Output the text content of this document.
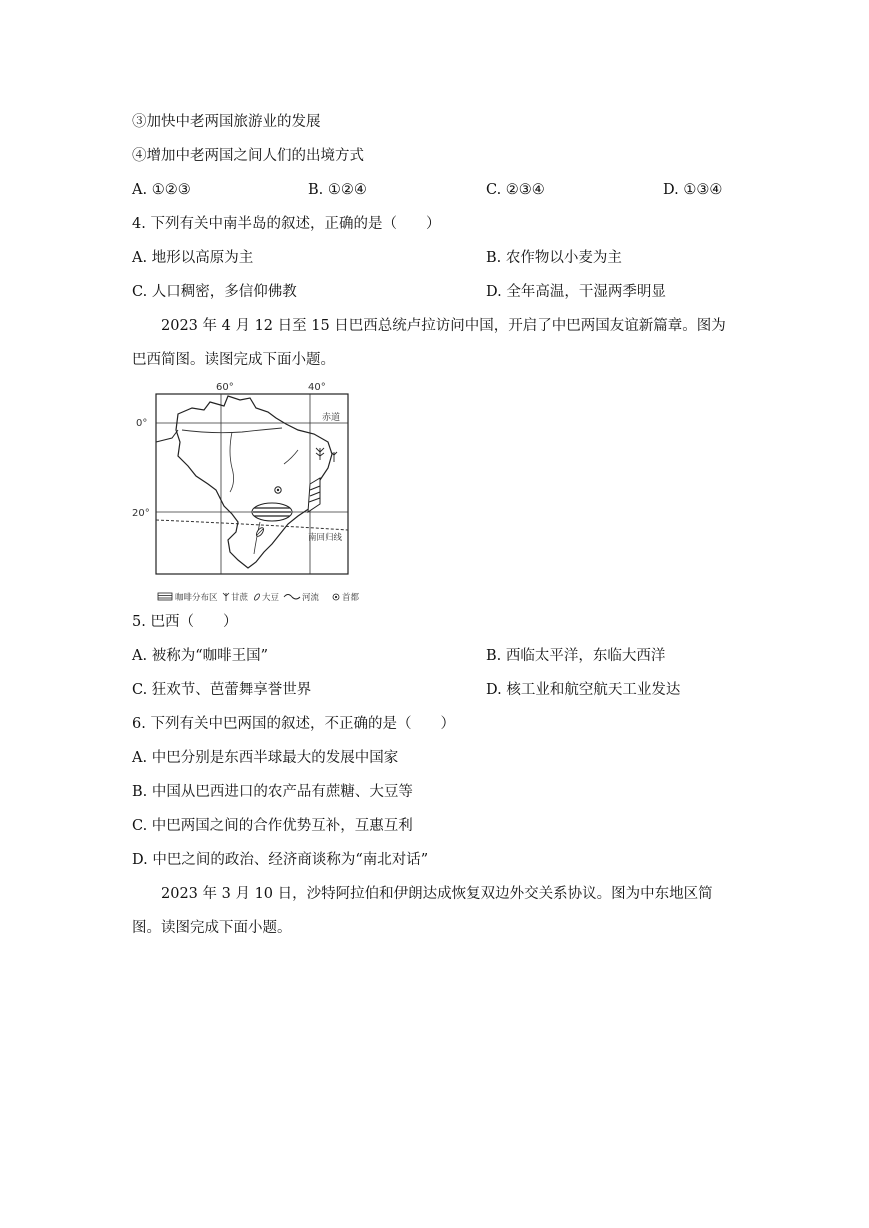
③加快中老两国旅游业的发展
④增加中老两国之间人们的出境方式
A. ①②③	B. ①②④	C. ②③④	D. ①③④
4. 下列有关中南半岛的叙述，正确的是（　　）
A. 地形以高原为主	B. 农作物以小麦为主
C. 人口稠密，多信仰佛教	D. 全年高温，干湿两季明显
2023 年 4 月 12 日至 15 日巴西总统卢拉访问中国，开启了中巴两国友谊新篇章。图为巴西简图。读图完成下面小题。
60°	40°
0°
20°
赤道
南回归线
咖啡分布区 甘蔗 大豆	河流	首都
5. 巴西（　　）
A. 被称为“咖啡王国”	B. 西临太平洋，东临大西洋
C. 狂欢节、芭蕾舞享誉世界	D. 核工业和航空航天工业发达
6. 下列有关中巴两国的叙述，不正确的是（　　）
A. 中巴分别是东西半球最大的发展中国家
B. 中国从巴西进口的农产品有蔗糖、大豆等
C. 中巴两国之间的合作优势互补，互惠互利
D. 中巴之间的政治、经济商谈称为“南北对话”
2023 年 3 月 10 日，沙特阿拉伯和伊朗达成恢复双边外交关系协议。图为中东地区简图。读图完成下面小题。
